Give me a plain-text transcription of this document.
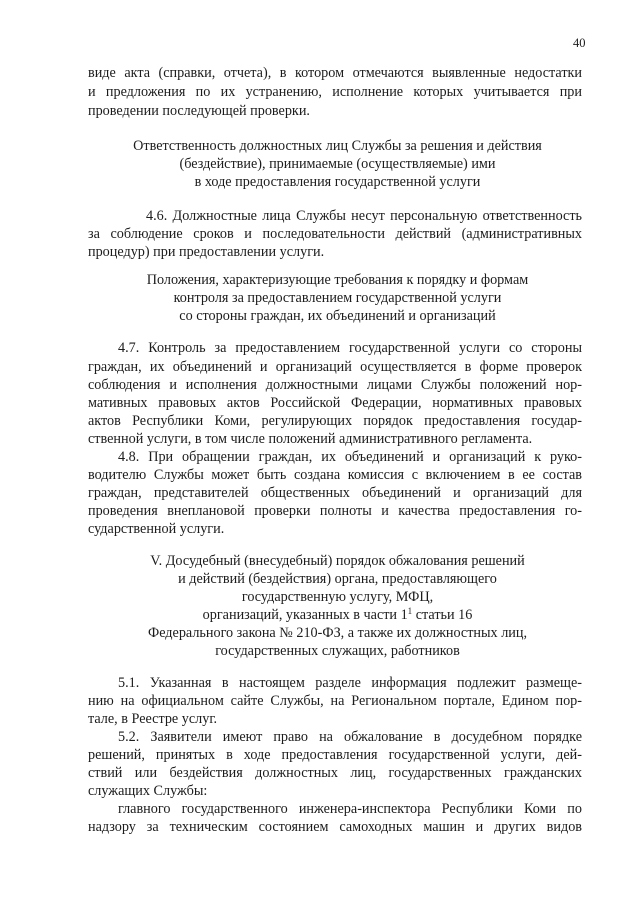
40
виде акта (справки, отчета), в котором отмечаются выявленные недостатки
и предложения по их устранению, исполнение которых учитывается при
проведении последующей проверки.
Ответственность должностных лиц Службы за решения и действия
(бездействие), принимаемые (осуществляемые) ими
в ходе предоставления государственной услуги
4.6. Должностные лица Службы несут персональную ответственность
за соблюдение сроков и последовательности действий (административных
процедур) при предоставлении услуги.
Положения, характеризующие требования к порядку и формам
контроля за предоставлением государственной услуги
со стороны граждан, их объединений и организаций
4.7. Контроль за предоставлением государственной услуги со стороны
граждан, их объединений и организаций осуществляется в форме проверок
соблюдения и исполнения должностными лицами Службы положений нор-
мативных правовых актов Российской Федерации, нормативных правовых
актов Республики Коми, регулирующих порядок предоставления государ-
ственной услуги, в том числе положений административного регламента.
4.8. При обращении граждан, их объединений и организаций к руко-
водителю Службы может быть создана комиссия с включением в ее состав
граждан, представителей общественных объединений и организаций для
проведения внеплановой проверки полноты и качества предоставления го-
сударственной услуги.
V. Досудебный (внесудебный) порядок обжалования решений
и действий (бездействия) органа, предоставляющего
государственную услугу, МФЦ,
организаций, указанных в части $1^1$ статьи 16
Федерального закона № 210-ФЗ, а также их должностных лиц,
государственных служащих, работников
5.1. Указанная в настоящем разделе информация подлежит размеще-
нию на официальном сайте Службы, на Региональном портале, Едином пор-
тале, в Реестре услуг.
5.2. Заявители имеют право на обжалование в досудебном порядке
решений, принятых в ходе предоставления государственной услуги, дей-
ствий или бездействия должностных лиц, государственных гражданских
служащих Службы:
главного государственного инженера-инспектора Республики Коми по
надзору за техническим состоянием самоходных машин и других видов
